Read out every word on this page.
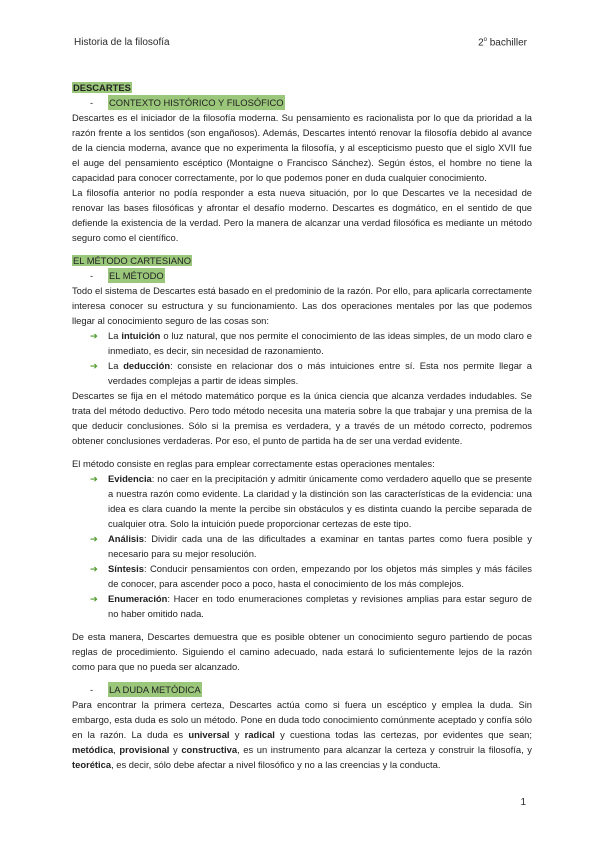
Historia de la filosofía	2$^o$ bachiller
DESCARTES
-	CONTEXTO HISTÓRICO Y FILOSÓFICO

Descartes es el iniciador de la filosofía moderna. Su pensamiento es racionalista por lo que da prioridad a la razón frente a los sentidos (son engañosos). Además, Descartes intentó renovar la filosofía debido al avance de la ciencia moderna, avance que no experimenta la filosofía, y al escepticismo puesto que el siglo XVII fue el auge del pensamiento escéptico (Montaigne o Francisco Sánchez). Según éstos, el hombre no tiene la capacidad para conocer correctamente, por lo que podemos poner en duda cualquier conocimiento.

La filosofía anterior no podía responder a esta nueva situación, por lo que Descartes ve la necesidad de renovar las bases filosóficas y afrontar el desafío moderno. Descartes es dogmático, en el sentido de que defiende la existencia de la verdad. Pero la manera de alcanzar una verdad filosófica es mediante un método seguro como el científico.

EL MÉTODO CARTESIANO
-	EL MÉTODO

Todo el sistema de Descartes está basado en el predominio de la razón. Por ello, para aplicarla correctamente interesa conocer su estructura y su funcionamiento. Las dos operaciones mentales por las que podemos llegar al conocimiento seguro de las cosas son:

➔	La intuición o luz natural, que nos permite el conocimiento de las ideas simples, de un modo claro e inmediato, es decir, sin necesidad de razonamiento.
➔	La deducción: consiste en relacionar dos o más intuiciones entre sí. Esta nos permite llegar a verdades complejas a partir de ideas simples.

Descartes se fija en el método matemático porque es la única ciencia que alcanza verdades indudables. Se trata del método deductivo. Pero todo método necesita una materia sobre la que trabajar y una premisa de la que deducir conclusiones. Sólo si la premisa es verdadera, y a través de un método correcto, podremos obtener conclusiones verdaderas. Por eso, el punto de partida ha de ser una verdad evidente.

El método consiste en reglas para emplear correctamente estas operaciones mentales:

➔	Evidencia: no caer en la precipitación y admitir únicamente como verdadero aquello que se presente a nuestra razón como evidente. La claridad y la distinción son las características de la evidencia: una idea es clara cuando la mente la percibe sin obstáculos y es distinta cuando la percibe separada de cualquier otra. Solo la intuición puede proporcionar certezas de este tipo.
➔	Análisis: Dividir cada una de las dificultades a examinar en tantas partes como fuera posible y necesario para su mejor resolución.
➔	Síntesis: Conducir pensamientos con orden, empezando por los objetos más simples y más fáciles de conocer, para ascender poco a poco, hasta el conocimiento de los más complejos.
➔	Enumeración: Hacer en todo enumeraciones completas y revisiones amplias para estar seguro de no haber omitido nada.

De esta manera, Descartes demuestra que es posible obtener un conocimiento seguro partiendo de pocas reglas de procedimiento. Siguiendo el camino adecuado, nada estará lo suficientemente lejos de la razón como para que no pueda ser alcanzado.

-	LA DUDA METÓDICA

Para encontrar la primera certeza, Descartes actúa como si fuera un escéptico y emplea la duda. Sin embargo, esta duda es solo un método. Pone en duda todo conocimiento comúnmente aceptado y confía sólo en la razón. La duda es universal y radical y cuestiona todas las certezas, por evidentes que sean; metódica, provisional y constructiva, es un instrumento para alcanzar la certeza y construir la filosofía, y teorética, es decir, sólo debe afectar a nivel filosófico y no a las creencias y la conducta.

1
